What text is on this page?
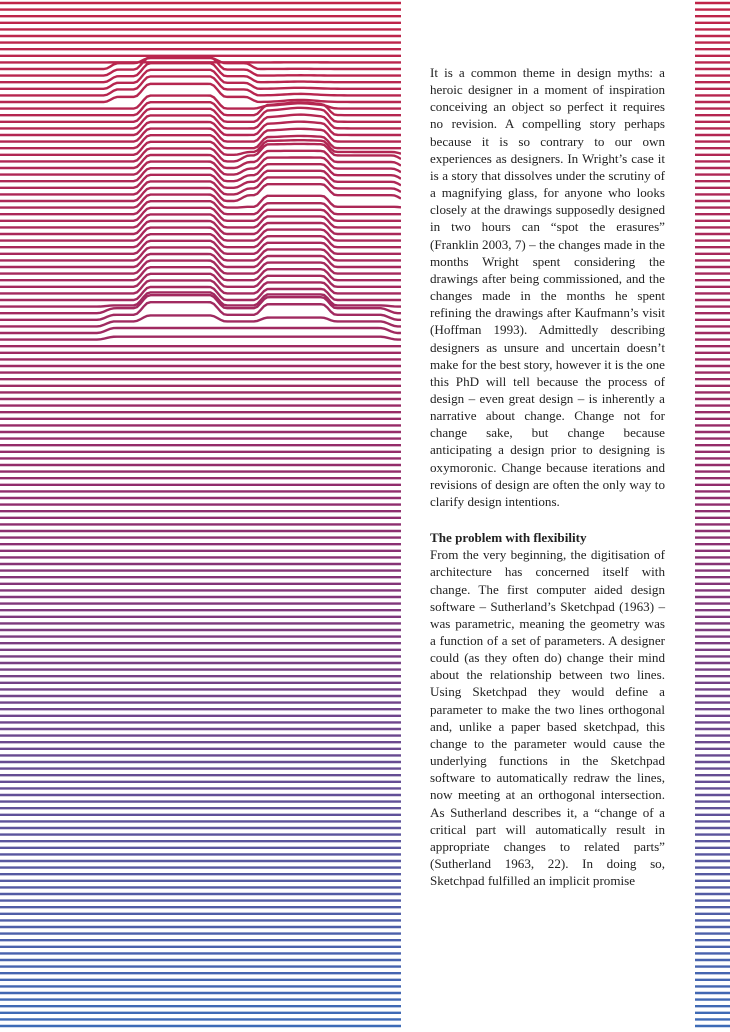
It is a common theme in design myths: a heroic designer in a moment of inspiration conceiving an object so perfect it requires no revision. A compelling story perhaps because it is so contrary to our own experiences as designers. In Wright’s case it is a story that dissolves under the scrutiny of a magnifying glass, for anyone who looks closely at the drawings supposedly designed in two hours can “spot the erasures” (Franklin 2003, 7) – the changes made in the months Wright spent considering the drawings after being commissioned, and the changes made in the months he spent refining the drawings after Kaufmann’s visit (Hoffman 1993). Admittedly describing designers as unsure and uncertain doesn’t make for the best story, however it is the one this PhD will tell because the process of design – even great design – is inherently a narrative about change. Change not for change sake, but change because anticipating a design prior to designing is oxymoronic. Change because iterations and revisions of design are often the only way to clarify design intentions.

The problem with flexibility

From the very beginning, the digitisation of architecture has concerned itself with change. The first computer aided design software – Sutherland’s Sketchpad (1963) – was parametric, meaning the geometry was a function of a set of parameters. A designer could (as they often do) change their mind about the relationship between two lines. Using Sketchpad they would define a parameter to make the two lines orthogonal and, unlike a paper based sketchpad, this change to the parameter would cause the underlying functions in the Sketchpad software to automatically redraw the lines, now meeting at an orthogonal intersection. As Sutherland describes it, a “change of a critical part will automatically result in appropriate changes to related parts” (Sutherland 1963, 22). In doing so, Sketchpad fulfilled an implicit promise
